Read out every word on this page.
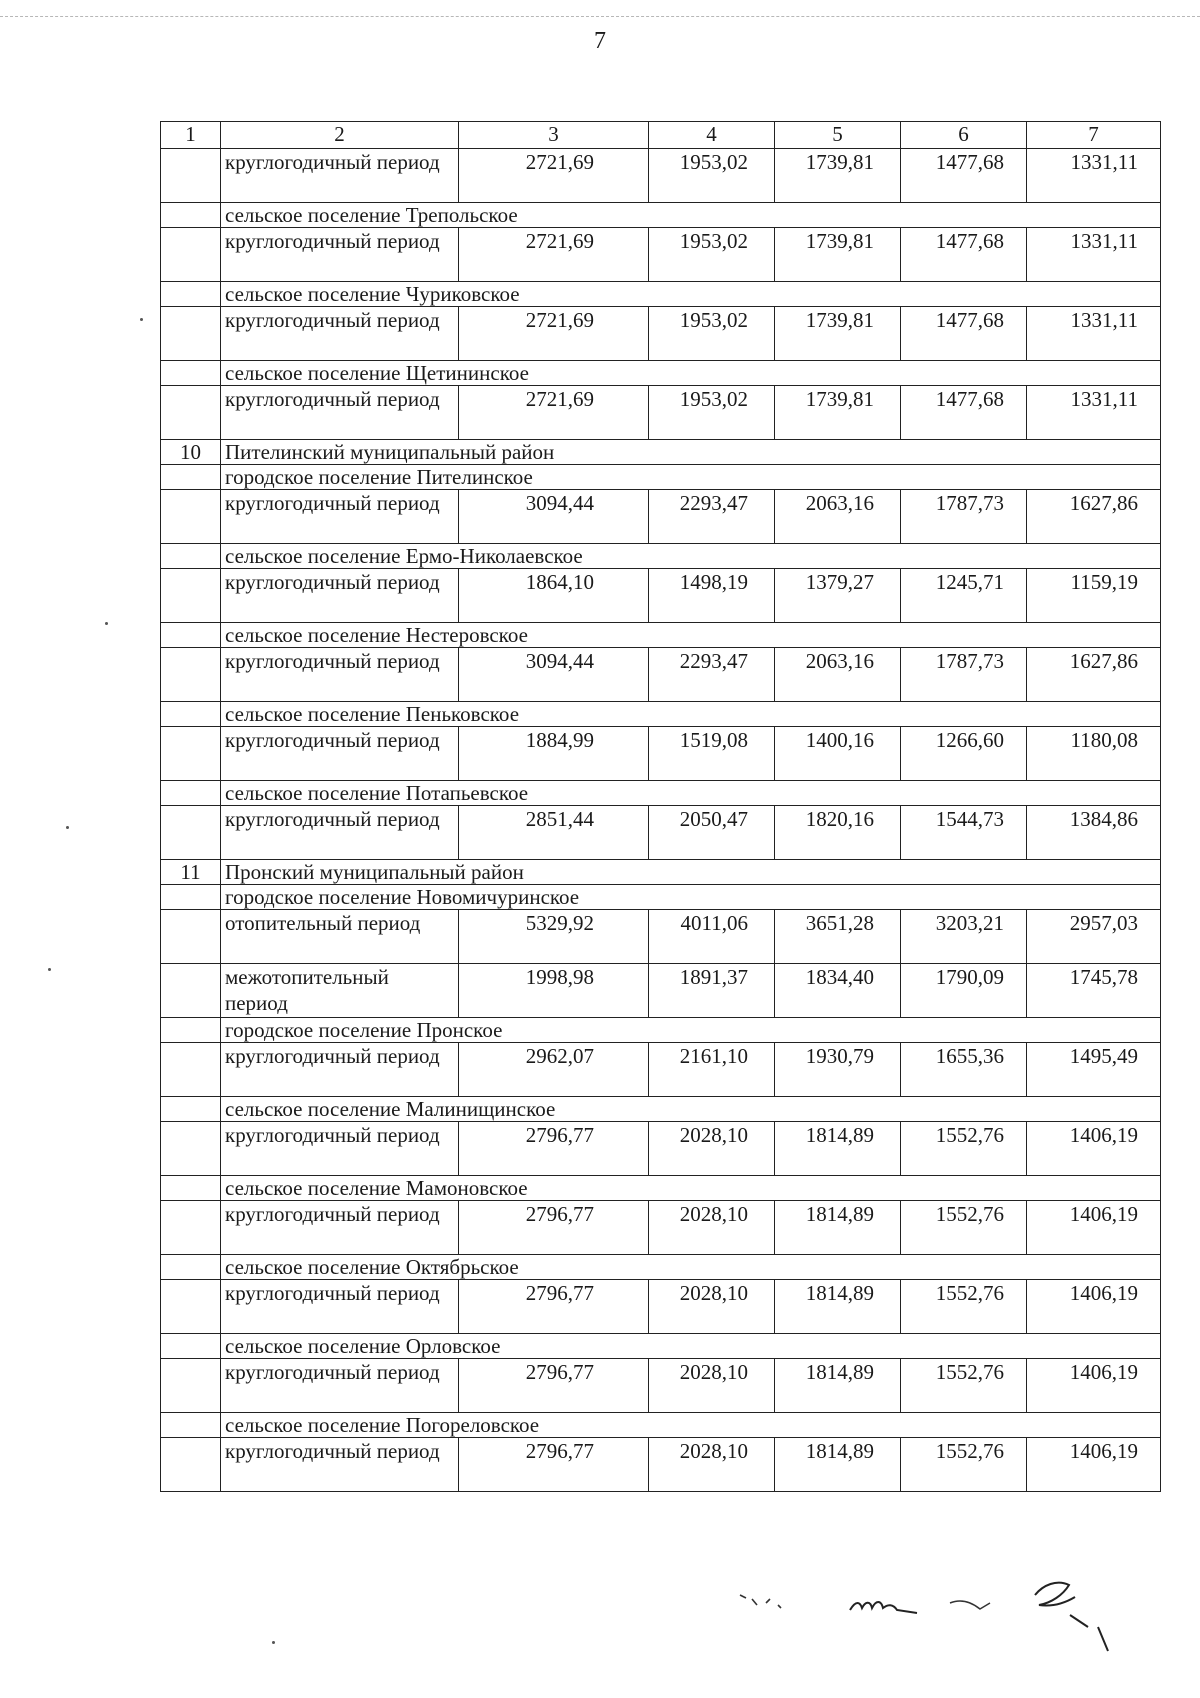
7
1	2	3	4	5	6	7
	круглогодичный период	2721,69	1953,02	1739,81	1477,68	1331,11
	сельское поселение Трепольское					
	круглогодичный период	2721,69	1953,02	1739,81	1477,68	1331,11
	сельское поселение Чуриковское					
	круглогодичный период	2721,69	1953,02	1739,81	1477,68	1331,11
	сельское поселение Щетининское					
	круглогодичный период	2721,69	1953,02	1739,81	1477,68	1331,11
10	Пителинский муниципальный район					
	городское поселение Пителинское					
	круглогодичный период	3094,44	2293,47	2063,16	1787,73	1627,86
	сельское поселение Ермо-Николаевское					
	круглогодичный период	1864,10	1498,19	1379,27	1245,71	1159,19
	сельское поселение Нестеровское					
	круглогодичный период	3094,44	2293,47	2063,16	1787,73	1627,86
	сельское поселение Пеньковское					
	круглогодичный период	1884,99	1519,08	1400,16	1266,60	1180,08
	сельское поселение Потапьевское					
	круглогодичный период	2851,44	2050,47	1820,16	1544,73	1384,86
11	Пронский муниципальный район					
	городское поселение Новомичуринское					
	отопительный период	5329,92	4011,06	3651,28	3203,21	2957,03
	межотопительный период	1998,98	1891,37	1834,40	1790,09	1745,78
	городское поселение Пронское					
	круглогодичный период	2962,07	2161,10	1930,79	1655,36	1495,49
	сельское поселение Малинищинское					
	круглогодичный период	2796,77	2028,10	1814,89	1552,76	1406,19
	сельское поселение Мамоновское					
	круглогодичный период	2796,77	2028,10	1814,89	1552,76	1406,19
	сельское поселение Октябрьское					
	круглогодичный период	2796,77	2028,10	1814,89	1552,76	1406,19
	сельское поселение Орловское					
	круглогодичный период	2796,77	2028,10	1814,89	1552,76	1406,19
	сельское поселение Погореловское					
	круглогодичный период	2796,77	2028,10	1814,89	1552,76	1406,19
